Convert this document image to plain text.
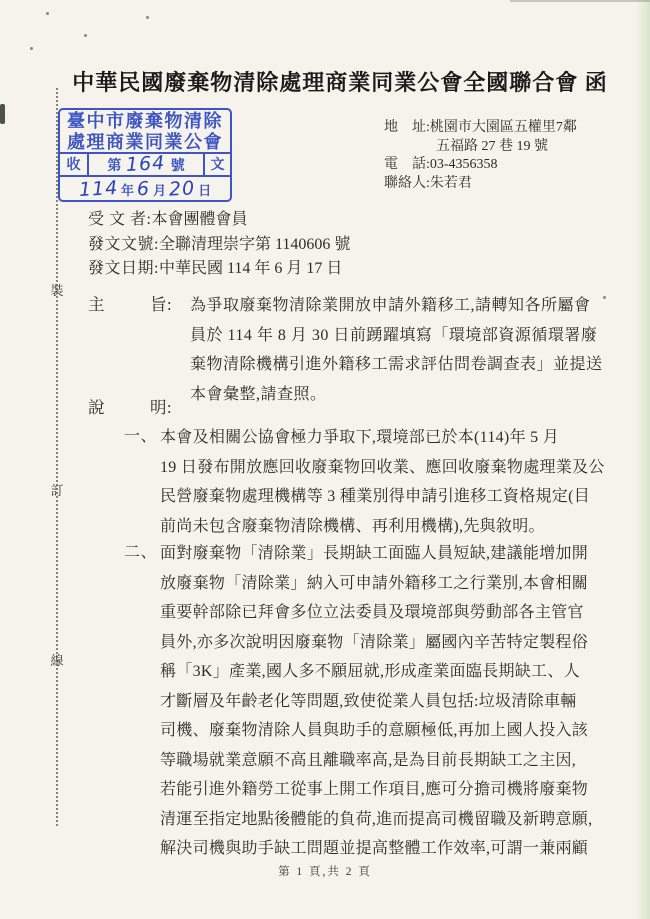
裝
訂
線
中華民國廢棄物清除處理商業同業公會全國聯合會 函
臺中市廢棄物清除
處理商業同業公會
收	第 164 號	文
114 年 6 月 20 日
地　址:桃園市大園區五權里7鄰
五福路 27 巷 19 號
電　話:03-4356358
聯絡人:朱若君
受 文 者:本會團體會員
發文文號:全聯清理崇字第 1140606 號
發文日期:中華民國 114 年 6 月 17 日
主	旨: 為爭取廢棄物清除業開放申請外籍移工,請轉知各所屬會
員於 114 年 8 月 30 日前踴躍填寫「環境部資源循環署廢
棄物清除機構引進外籍移工需求評估問卷調查表」並提送
本會彙整,請查照。
說	明:
一、 本會及相關公協會極力爭取下,環境部已於本(114)年 5 月
19 日發布開放應回收廢棄物回收業、應回收廢棄物處理業及公
民營廢棄物處理機構等 3 種業別得申請引進移工資格規定(目
前尚未包含廢棄物清除機構、再利用機構),先與敘明。
二、 面對廢棄物「清除業」長期缺工面臨人員短缺,建議能增加開
放廢棄物「清除業」納入可申請外籍移工之行業別,本會相關
重要幹部除已拜會多位立法委員及環境部與勞動部各主管官
員外,亦多次說明因廢棄物「清除業」屬國內辛苦特定製程俗
稱「3K」產業,國人多不願屈就,形成產業面臨長期缺工、人
才斷層及年齡老化等問題,致使從業人員包括:垃圾清除車輛
司機、廢棄物清除人員與助手的意願極低,再加上國人投入該
等職場就業意願不高且離職率高,是為目前長期缺工之主因,
若能引進外籍勞工從事上開工作項目,應可分擔司機將廢棄物
清運至指定地點後體能的負荷,進而提高司機留職及新聘意願,
解決司機與助手缺工問題並提高整體工作效率,可謂一兼兩顧
第 1 頁,共 2 頁
